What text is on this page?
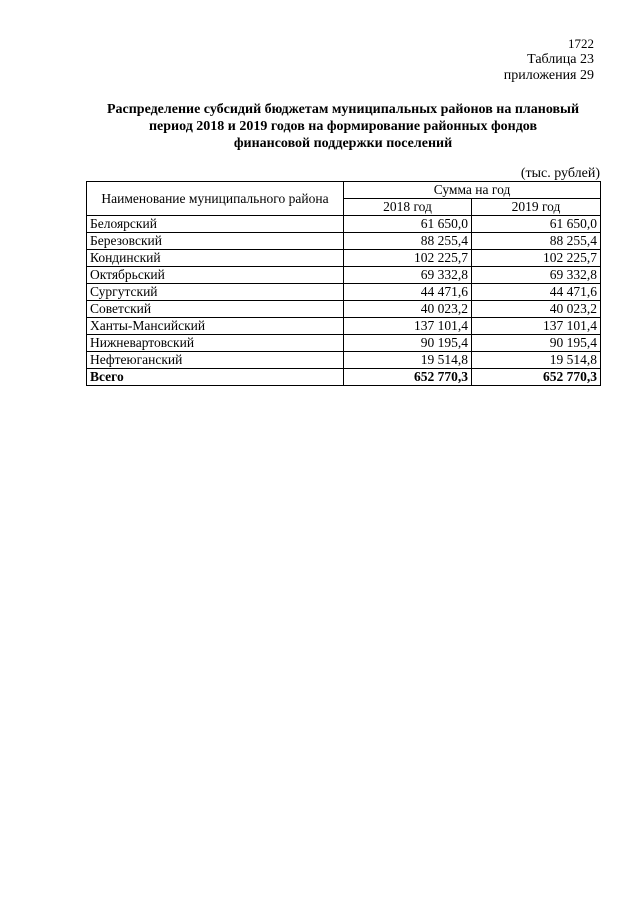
1722
Таблица 23
приложения 29
Распределение субсидий бюджетам муниципальных районов на плановый
период 2018 и 2019 годов на формирование районных фондов
финансовой поддержки поселений
(тыс. рублей)
Наименование муниципального района	Сумма на год	
	2018 год	2019 год
Белоярский	61 650,0	61 650,0
Березовский	88 255,4	88 255,4
Кондинский	102 225,7	102 225,7
Октябрьский	69 332,8	69 332,8
Сургутский	44 471,6	44 471,6
Советский	40 023,2	40 023,2
Ханты-Мансийский	137 101,4	137 101,4
Нижневартовский	90 195,4	90 195,4
Нефтеюганский	19 514,8	19 514,8
Всего	652 770,3	652 770,3
